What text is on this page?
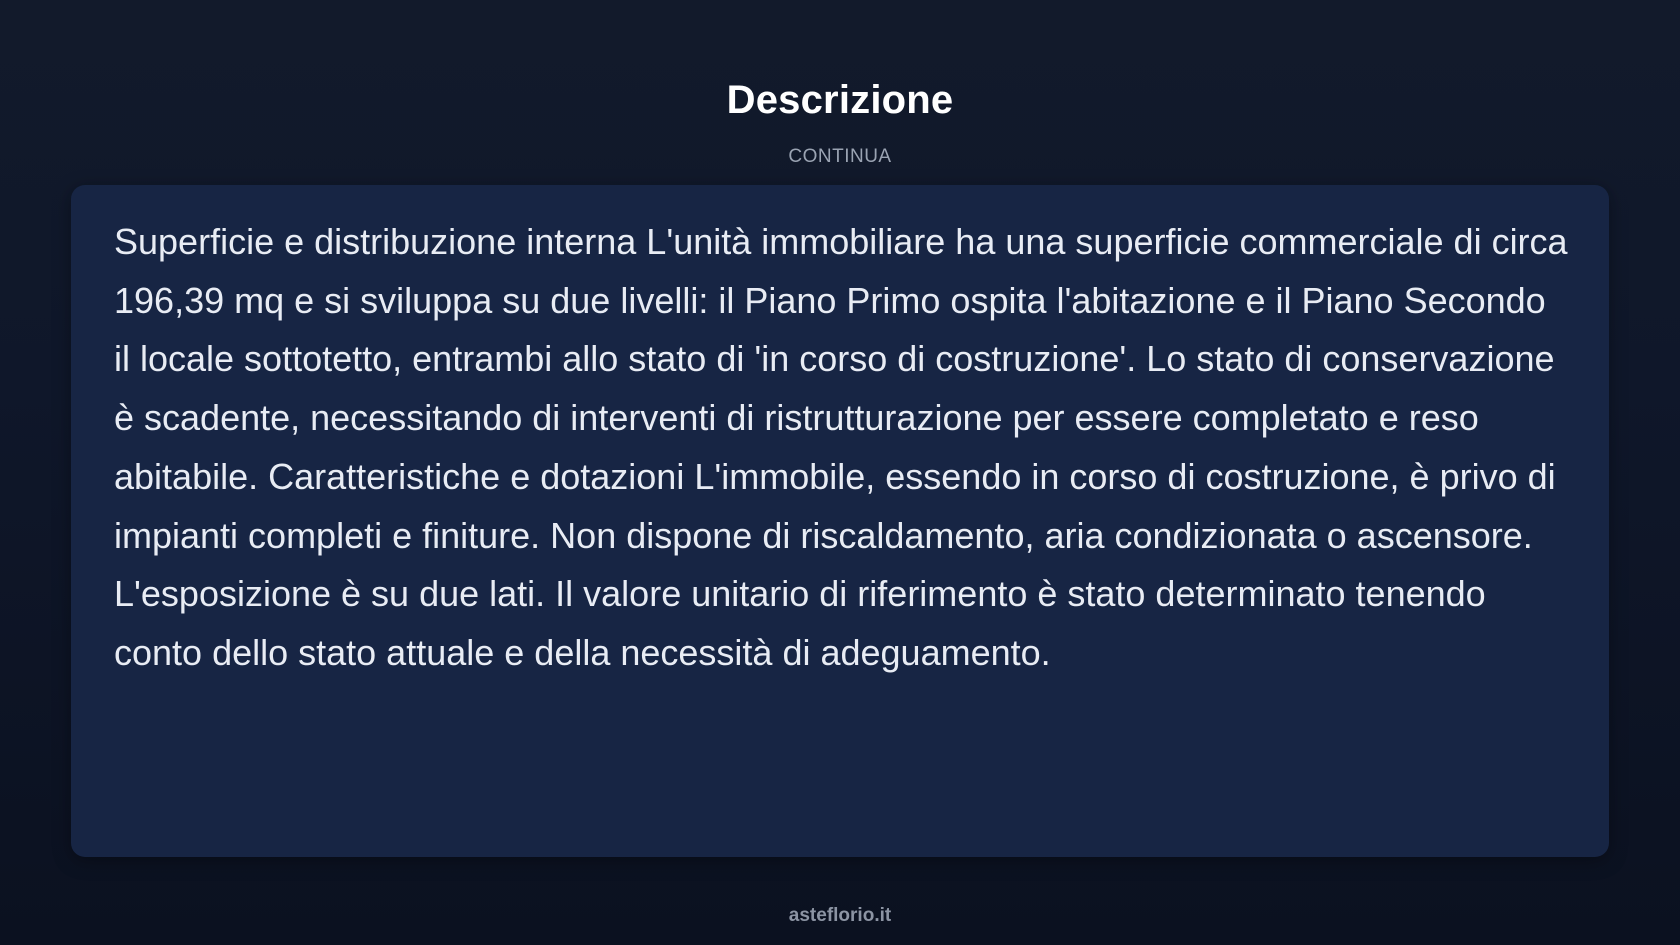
Descrizione
CONTINUA

Superficie e distribuzione interna L'unità immobiliare ha una superficie commerciale di circa 196,39 mq e si sviluppa su due livelli: il Piano Primo ospita l'abitazione e il Piano Secondo il locale sottotetto, entrambi allo stato di 'in corso di costruzione'. Lo stato di conservazione è scadente, necessitando di interventi di ristrutturazione per essere completato e reso abitabile. Caratteristiche e dotazioni L'immobile, essendo in corso di costruzione, è privo di impianti completi e finiture. Non dispone di riscaldamento, aria condizionata o ascensore. L'esposizione è su due lati. Il valore unitario di riferimento è stato determinato tenendo conto dello stato attuale e della necessità di adeguamento.

asteflorio.it
